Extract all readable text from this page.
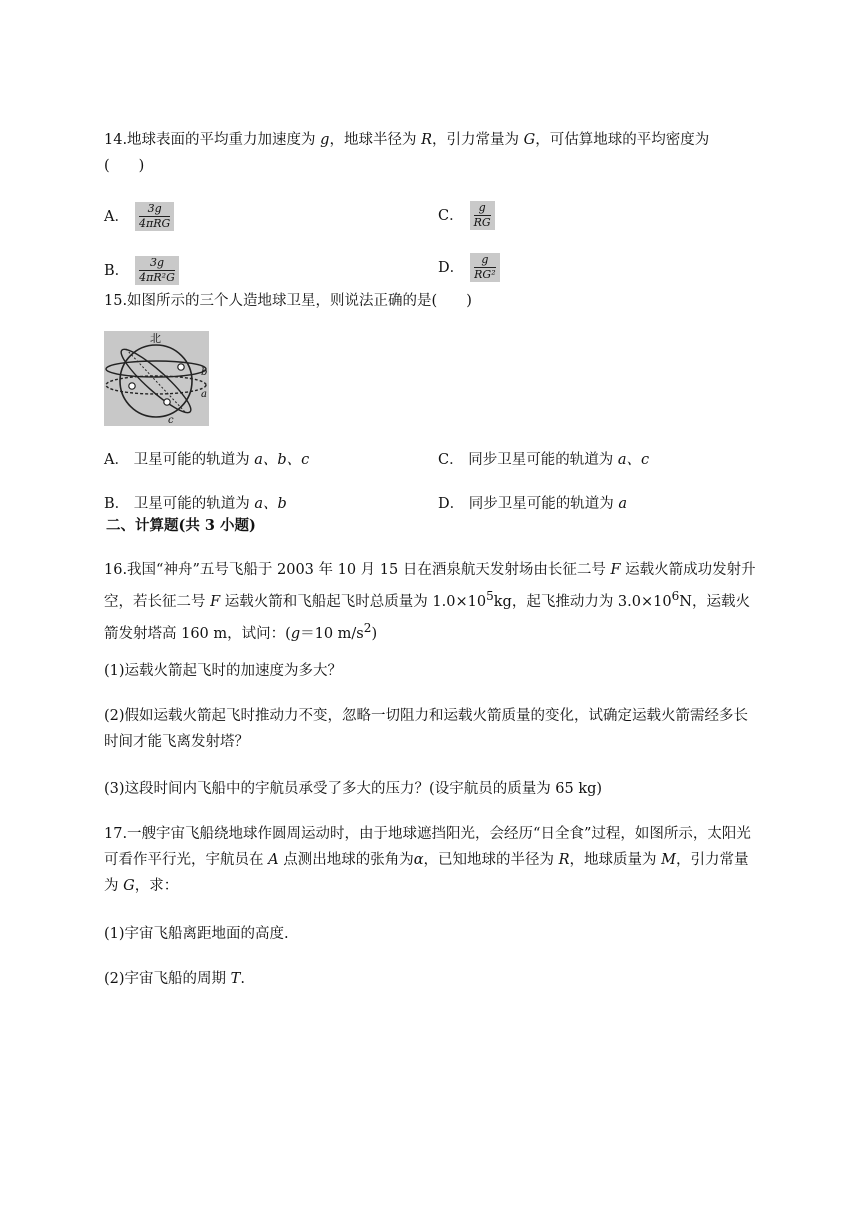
14.地球表面的平均重力加速度为 g，地球半径为 R，引力常量为 G，可估算地球的平均密度为
(　　)
A． $\frac{3g}{\text{4πRG}}$	C． $\frac{g}{RG}$
B． $\frac{3g}{\text{4πR²G}}$	D． $\frac{g}{\text{RG²}}$
15.如图所示的三个人造地球卫星，则说法正确的是(　　)
北
b
a
c
A． 卫星可能的轨道为 a、b、c	C． 同步卫星可能的轨道为 a、c
B． 卫星可能的轨道为 a、b	D． 同步卫星可能的轨道为 a
二、计算题(共 3 小题)
16.我国“神舟”五号飞船于 2003 年 10 月 15 日在酒泉航天发射场由长征二号 F 运载火箭成功发射升空，若长征二号 F 运载火箭和飞船起飞时总质量为 $1.0\times 10^5kg$，起飞推动力为 $3.0\times 10^6N$，运载火箭发射塔高 160 m，试问：(g＝10 $m/s^2$)
(1)运载火箭起飞时的加速度为多大？
(2)假如运载火箭起飞时推动力不变，忽略一切阻力和运载火箭质量的变化，试确定运载火箭需经多长时间才能飞离发射塔？
(3)这段时间内飞船中的宇航员承受了多大的压力？(设宇航员的质量为 65 kg)
17.一艘宇宙飞船绕地球作圆周运动时，由于地球遮挡阳光，会经历“日全食”过程，如图所示，太阳光可看作平行光，宇航员在 A 点测出地球的张角为α，已知地球的半径为 R，地球质量为 M，引力常量为 G，求：
(1)宇宙飞船离距地面的高度.
(2)宇宙飞船的周期 T.
